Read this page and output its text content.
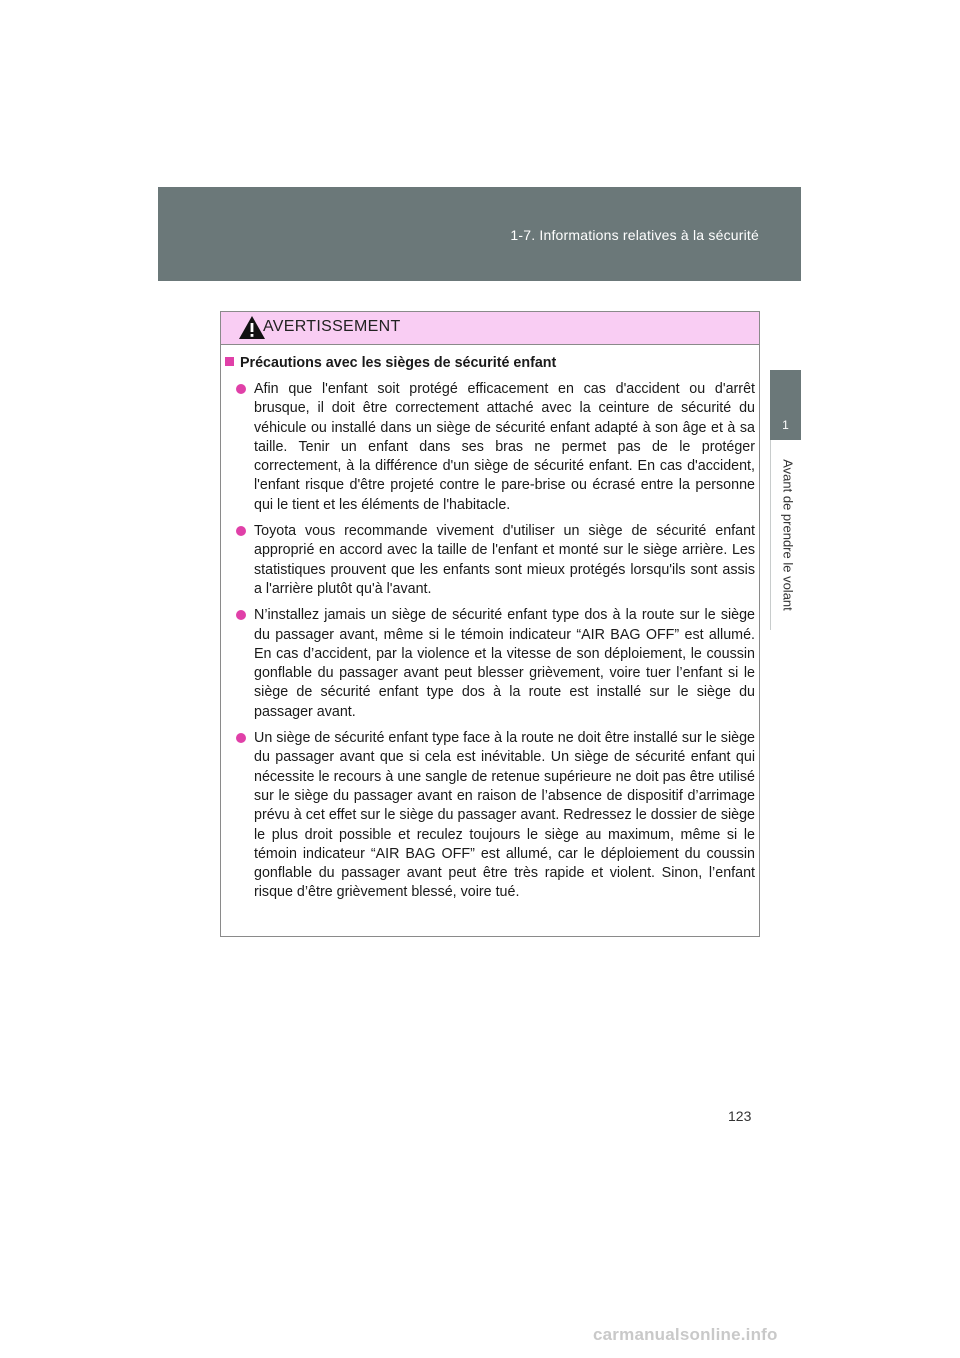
1-7. Informations relatives à la sécurité
1
Avant de prendre le volant
AVERTISSEMENT
Précautions avec les sièges de sécurité enfant
Afin que l'enfant soit protégé efficacement en cas d'accident ou d'arrêt brusque, il doit être correctement attaché avec la ceinture de sécurité du véhicule ou installé dans un siège de sécurité enfant adapté à son âge et à sa taille. Tenir un enfant dans ses bras ne permet pas de le protéger correctement, à la différence d'un siège de sécurité enfant. En cas d'accident, l'enfant risque d'être projeté contre le pare-brise ou écrasé entre la personne qui le tient et les éléments de l'habitacle.
Toyota vous recommande vivement d'utiliser un siège de sécurité enfant approprié en accord avec la taille de l'enfant et monté sur le siège arrière. Les statistiques prouvent que les enfants sont mieux protégés lorsqu'ils sont assis a l'arrière plutôt qu'à l'avant.
N’installez jamais un siège de sécurité enfant type dos à la route sur le siège du passager avant, même si le témoin indicateur “AIR BAG OFF” est allumé. En cas d’accident, par la violence et la vitesse de son déploiement, le coussin gonflable du passager avant peut blesser grièvement, voire tuer l’enfant si le siège de sécurité enfant type dos à la route est installé sur le siège du passager avant.
Un siège de sécurité enfant type face à la route ne doit être installé sur le siège du passager avant que si cela est inévitable. Un siège de sécurité enfant qui nécessite le recours à une sangle de retenue supérieure ne doit pas être utilisé sur le siège du passager avant en raison de l’absence de dispositif d’arrimage prévu à cet effet sur le siège du passager avant. Redressez le dossier de siège le plus droit possible et reculez toujours le siège au maximum, même si le témoin indicateur “AIR BAG OFF” est allumé, car le déploiement du coussin gonflable du passager avant peut être très rapide et violent. Sinon, l’enfant risque d’être grièvement blessé, voire tué.
123
carmanualsonline.info
